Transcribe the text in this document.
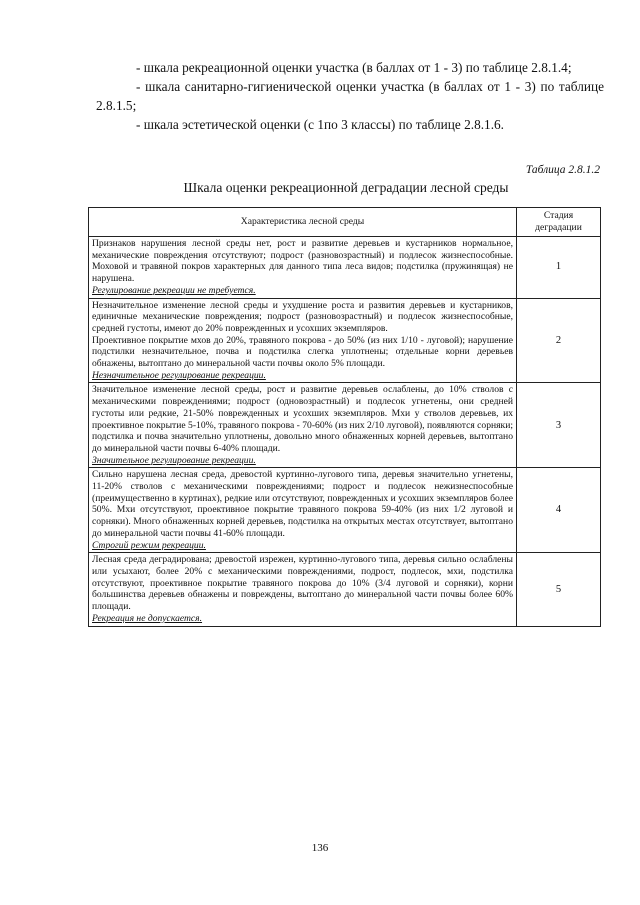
- шкала рекреационной оценки участка (в баллах от 1 - 3) по таблице 2.8.1.4;

- шкала санитарно-гигиенической оценки участка (в баллах от 1 - 3) по таблице 2.8.1.5;

- шкала эстетической оценки (с 1по 3 классы) по таблице 2.8.1.6.

Таблица 2.8.1.2
Шкала оценки рекреационной деградации лесной среды
Характеристика лесной среды	Стадия деградации

Признаков нарушения лесной среды нет, рост и развитие деревьев и кустарников нормальное, механические повреждения отсутствуют; подрост (разновозрастный) и подлесок жизнеспособные. Моховой и травяной покров характерных для данного типа леса видов; подстилка (пружинящая) не нарушена.

Регулирование рекреации не требуется.	1

Незначительное изменение лесной среды и ухудшение роста и развития деревьев и кустарников, единичные механические повреждения; подрост (разновозрастный) и подлесок жизнеспособные, средней густоты, имеют до 20% поврежденных и усохших экземпляров.

Проективное покрытие мхов до 20%, травяного покрова - до 50% (из них 1/10 - луговой); нарушение подстилки незначительное, почва и подстилка слегка уплотнены; отдельные корни деревьев обнажены, вытоптано до минеральной части почвы около 5% площади.

Незначительное регулирование рекреации.	2

Значительное изменение лесной среды, рост и развитие деревьев ослаблены, до 10% стволов с механическими повреждениями; подрост (одновозрастный) и подлесок угнетены, они средней густоты или редкие, 21-50% поврежденных и усохших экземпляров. Мхи у стволов деревьев, их проективное покрытие 5-10%, травяного покрова - 70-60% (из них 2/10 луговой), появляются сорняки; подстилка и почва значительно уплотнены, довольно много обнаженных корней деревьев, вытоптано до минеральной части почвы 6-40% площади.

Значительное регулирование рекреации.	3

Сильно нарушена лесная среда, древостой куртинно-лугового типа, деревья значительно угнетены, 11-20% стволов с механическими повреждениями; подрост и подлесок нежизнеспособные (преимущественно в куртинах), редкие или отсутствуют, поврежденных и усохших экземпляров более 50%. Мхи отсутствуют, проективное покрытие травяного покрова 59-40% (из них 1/2 луговой и сорняки). Много обнаженных корней деревьев, подстилка на открытых местах отсутствует, вытоптано до минеральной части почвы 41-60% площади.

Строгий режим рекреации.	4

Лесная среда деградирована; древостой изрежен, куртинно-лугового типа, деревья сильно ослаблены или усыхают, более 20% с механическими повреждениями, подрост, подлесок, мхи, подстилка отсутствуют, проективное покрытие травяного покрова до 10% (3/4 луговой и сорняки), корни большинства деревьев обнажены и повреждены, вытоптано до минеральной части почвы более 60% площади.

Рекреация не допускается.	5
136
